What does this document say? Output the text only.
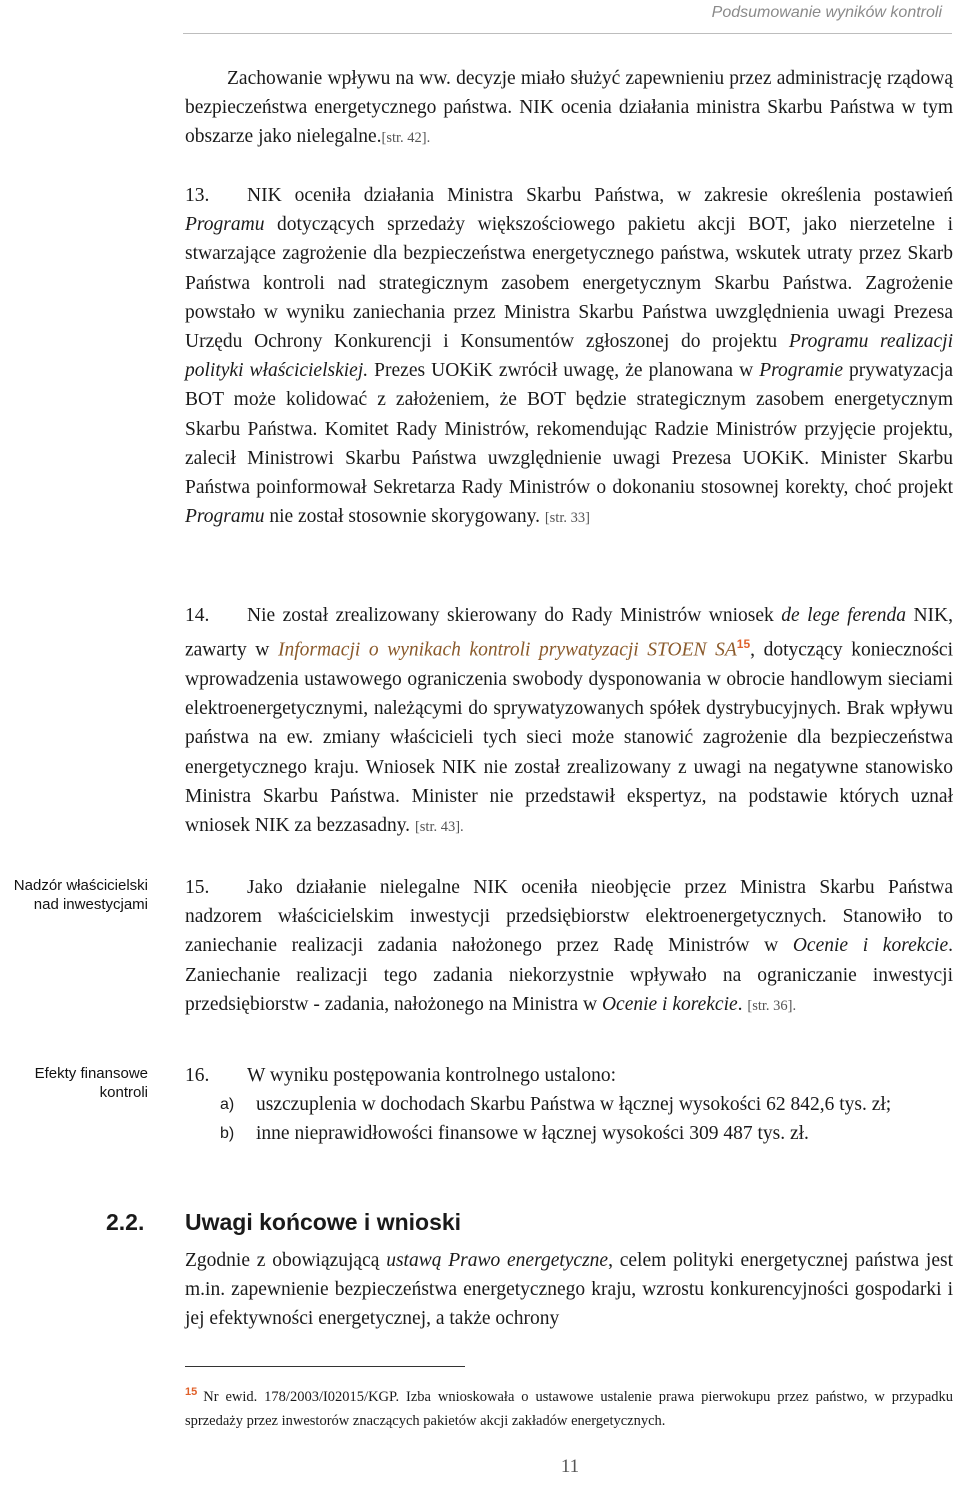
Podsumowanie wyników kontroli

Zachowanie wpływu na ww. decyzje miało służyć zapewnieniu przez administrację rządową bezpieczeństwa energetycznego państwa. NIK ocenia działania ministra Skarbu Państwa w tym obszarze jako nielegalne.[str. 42].

13. NIK oceniła działania Ministra Skarbu Państwa, w zakresie określenia postawień Programu dotyczących sprzedaży większościowego pakietu akcji BOT, jako nierzetelne i stwarzające zagrożenie dla bezpieczeństwa energetycznego państwa, wskutek utraty przez Skarb Państwa kontroli nad strategicznym zasobem energetycznym Skarbu Państwa. Zagrożenie powstało w wyniku zaniechania przez Ministra Skarbu Państwa uwzględnienia uwagi Prezesa Urzędu Ochrony Konkurencji i Konsumentów zgłoszonej do projektu Programu realizacji polityki właścicielskiej. Prezes UOKiK zwrócił uwagę, że planowana w Programie prywatyzacja BOT może kolidować z założeniem, że BOT będzie strategicznym zasobem energetycznym Skarbu Państwa. Komitet Rady Ministrów, rekomendując Radzie Ministrów przyjęcie projektu, zalecił Ministrowi Skarbu Państwa uwzględnienie uwagi Prezesa UOKiK. Minister Skarbu Państwa poinformował Sekretarza Rady Ministrów o dokonaniu stosownej korekty, choć projekt Programu nie został stosownie skorygowany. [str. 33]

14. Nie został zrealizowany skierowany do Rady Ministrów wniosek de lege ferenda NIK, zawarty w Informacji o wynikach kontroli prywatyzacji STOEN SA$^{15}$, dotyczący konieczności wprowadzenia ustawowego ograniczenia swobody dysponowania w obrocie handlowym sieciami elektroenergetycznymi, należącymi do sprywatyzowanych spółek dystrybucyjnych. Brak wpływu państwa na ew. zmiany właścicieli tych sieci może stanowić zagrożenie dla bezpieczeństwa energetycznego kraju. Wniosek NIK nie został zrealizowany z uwagi na negatywne stanowisko Ministra Skarbu Państwa. Minister nie przedstawił ekspertyz, na podstawie których uznał wniosek NIK za bezzasadny. [str. 43].

Nadzór właścicielski nad inwestycjami

15. Jako działanie nielegalne NIK oceniła nieobjęcie przez Ministra Skarbu Państwa nadzorem właścicielskim inwestycji przedsiębiorstw elektroenergetycznych. Stanowiło to zaniechanie realizacji zadania nałożonego przez Radę Ministrów w Ocenie i korekcie. Zaniechanie realizacji tego zadania niekorzystnie wpływało na ograniczanie inwestycji przedsiębiorstw - zadania, nałożonego na Ministra w Ocenie i korekcie. [str. 36].

Efekty finansowe kontroli

16. W wyniku postępowania kontrolnego ustalono:

a) uszczuplenia w dochodach Skarbu Państwa w łącznej wysokości 62 842,6 tys. zł;
b) inne nieprawidłowości finansowe w łącznej wysokości 309 487 tys. zł.
2.2. Uwagi końcowe i wnioski

Zgodnie z obowiązującą ustawą Prawo energetyczne, celem polityki energetycznej państwa jest m.in. zapewnienie bezpieczeństwa energetycznego kraju, wzrostu konkurencyjności gospodarki i jej efektywności energetycznej, a także ochrony

$^{15}$ Nr ewid. 178/2003/I02015/KGP. Izba wnioskowała o ustawowe ustalenie prawa pierwokupu przez państwo, w przypadku sprzedaży przez inwestorów znaczących pakietów akcji zakładów energetycznych.
11
